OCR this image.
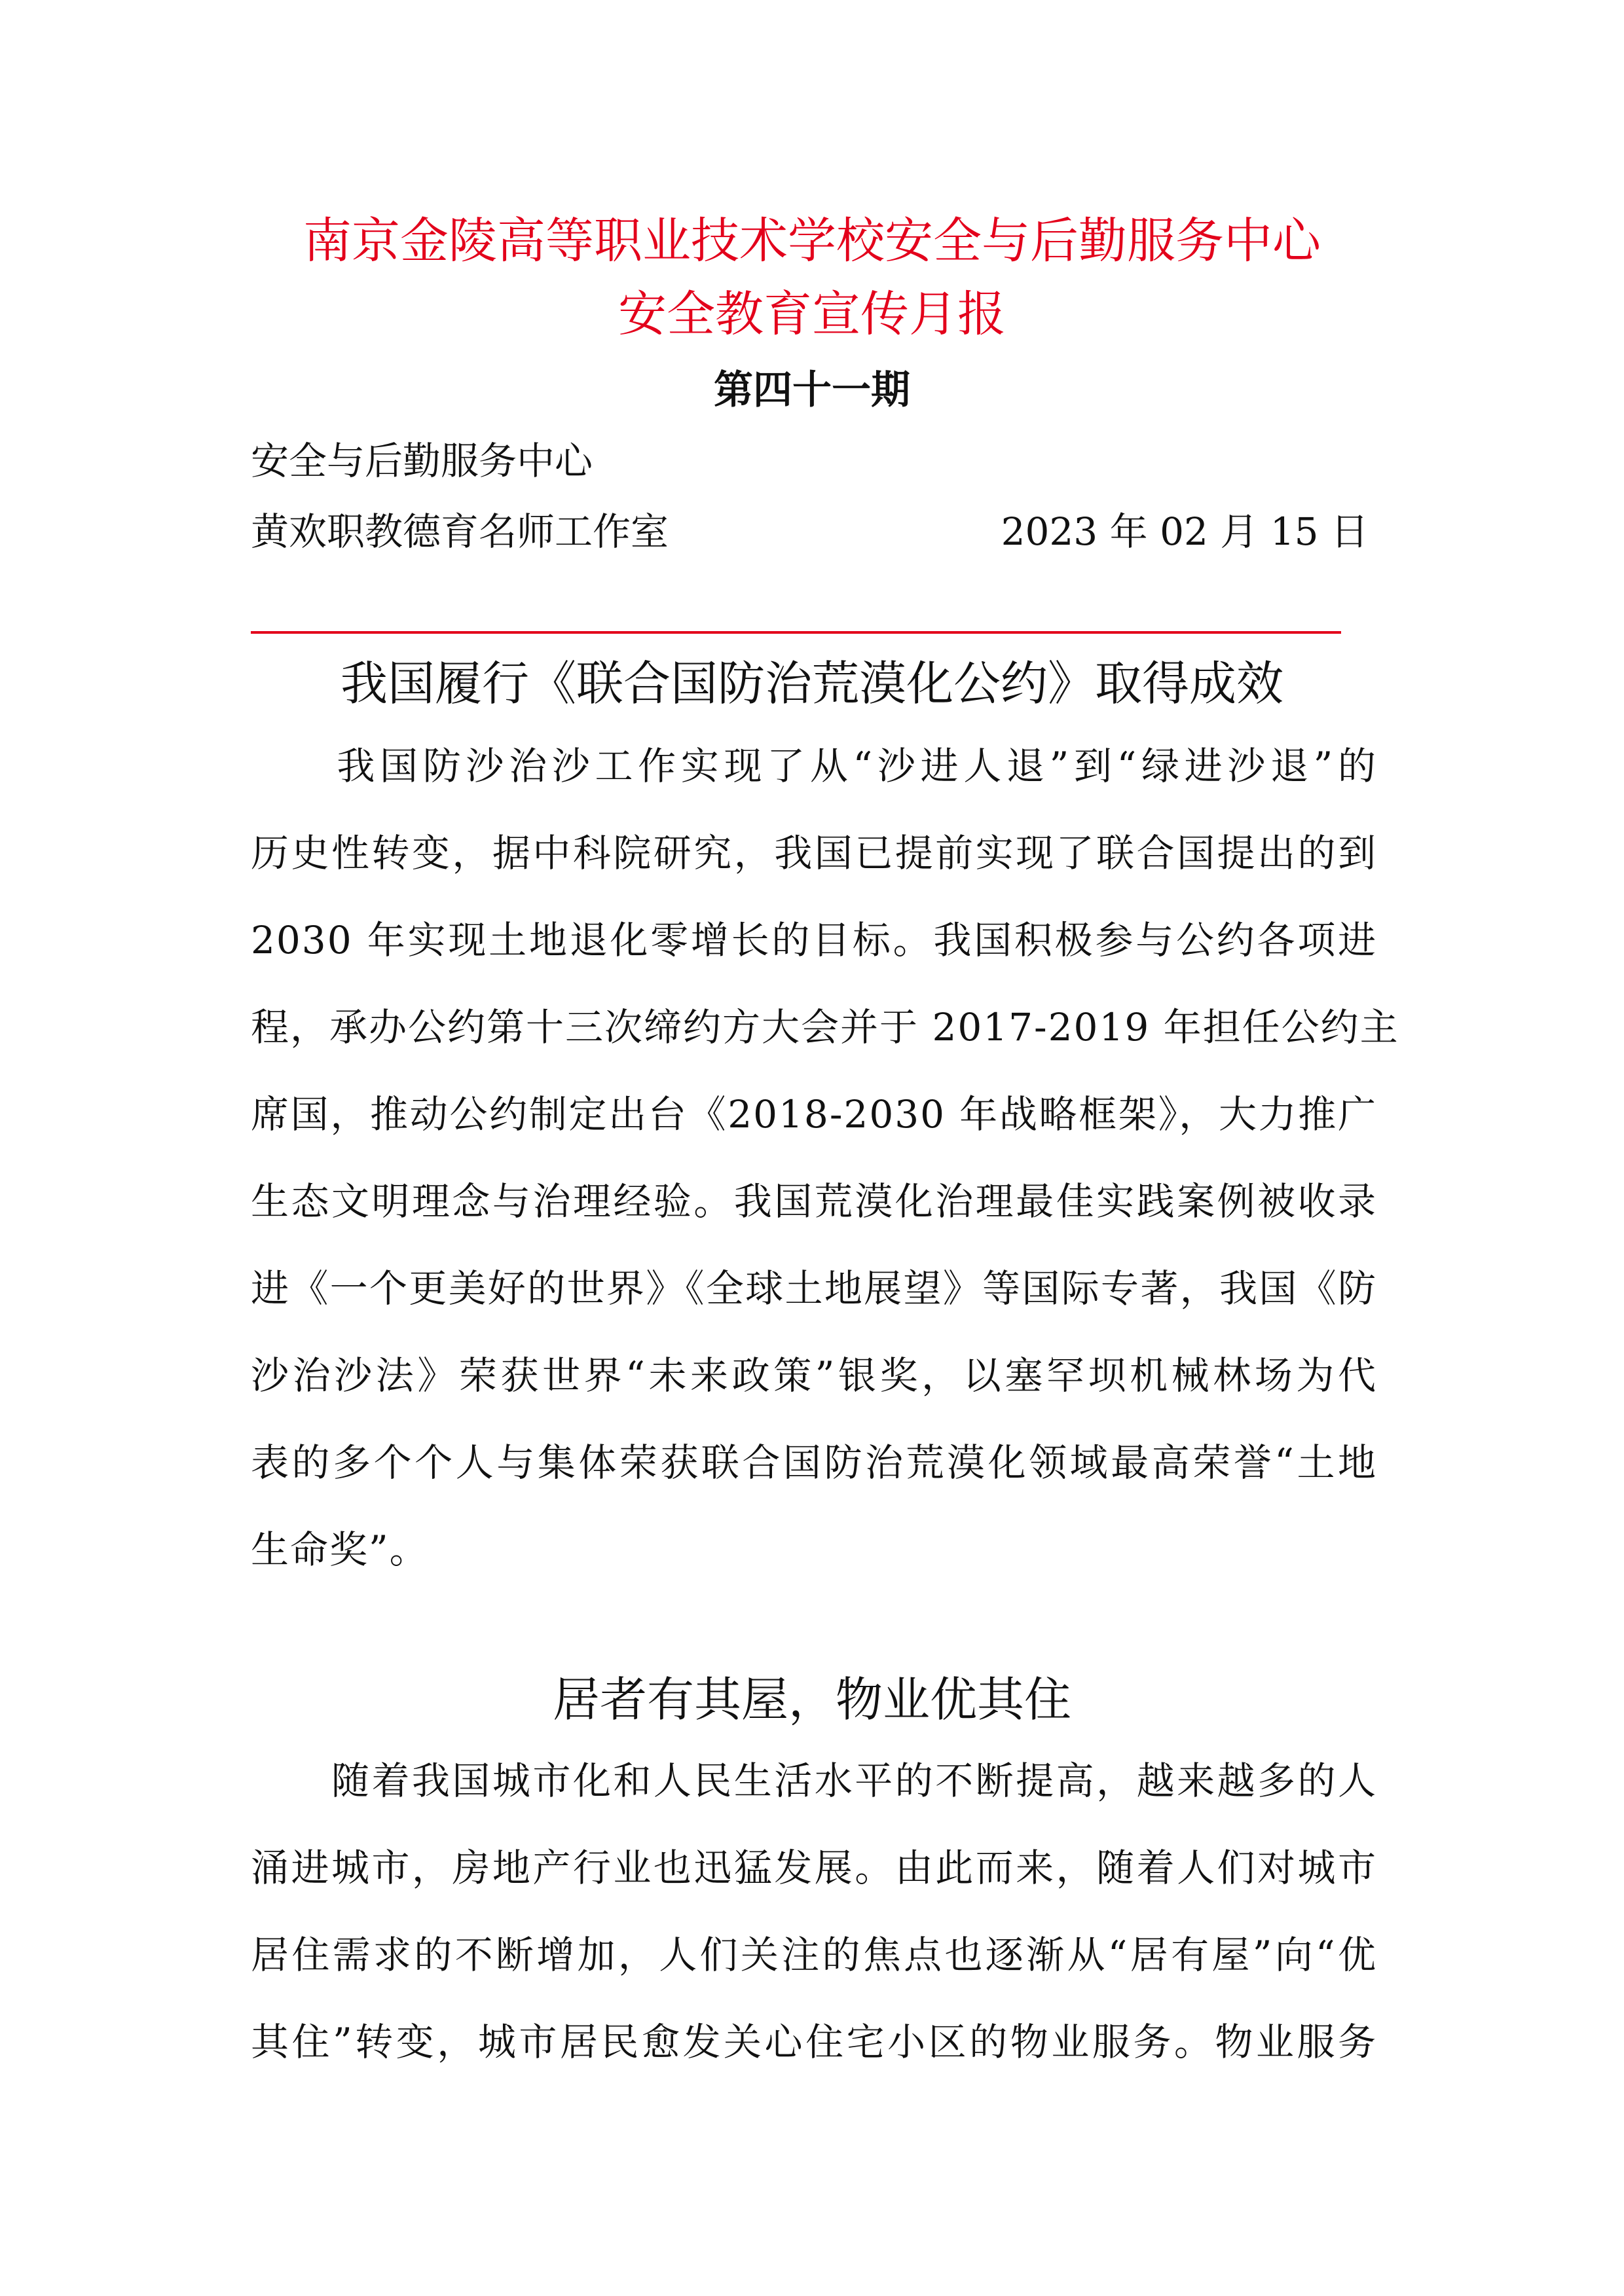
南京金陵高等职业技术学校安全与后勤服务中心
安全教育宣传月报
第四十一期
安全与后勤服务中心
黄欢职教德育名师工作室	2023 年 02 月 15 日
我国履行《联合国防治荒漠化公约》取得成效
　　我国防沙治沙工作实现了从“沙进人退”到“绿进沙退”的
历史性转变，据中科院研究，我国已提前实现了联合国提出的到
2030 年实现土地退化零增长的目标。我国积极参与公约各项进
程，承办公约第十三次缔约方大会并于 2017-2019 年担任公约主
席国，推动公约制定出台《2018-2030 年战略框架》，大力推广
生态文明理念与治理经验。我国荒漠化治理最佳实践案例被收录
进《一个更美好的世界》《全球土地展望》等国际专著，我国《防
沙治沙法》荣获世界“未来政策”银奖，以塞罕坝机械林场为代
表的多个个人与集体荣获联合国防治荒漠化领域最高荣誉“土地
生命奖”。
居者有其屋，物业优其住
　　随着我国城市化和人民生活水平的不断提高，越来越多的人
涌进城市，房地产行业也迅猛发展。由此而来，随着人们对城市
居住需求的不断增加，人们关注的焦点也逐渐从“居有屋”向“优
其住”转变，城市居民愈发关心住宅小区的物业服务。物业服务
